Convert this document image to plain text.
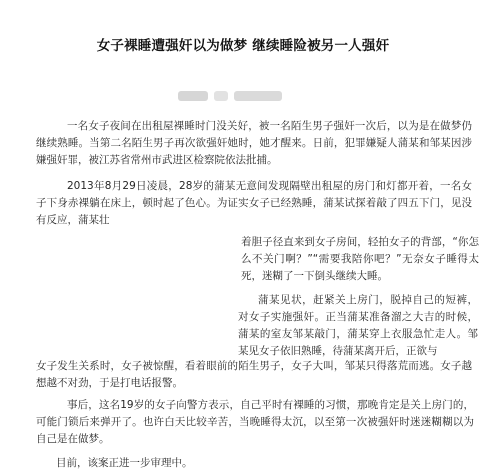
女子裸睡遭强奸以为做梦 继续睡险被另一人强奸

一名女子夜间在出租屋裸睡时门没关好，被一名陌生男子强奸一次后，以为是在做梦仍继续熟睡。当第二名陌生男子再次欲强奸她时，她才醒来。日前，犯罪嫌疑人蒲某和邹某因涉嫌强奸罪，被江苏省常州市武进区检察院依法批捕。

2013年8月29日凌晨，28岁的蒲某无意间发现隔壁出租屋的房门和灯都开着，一名女子下身赤裸躺在床上，顿时起了色心。为证实女子已经熟睡，蒲某试探着敲了四五下门，见没有反应，蒲某壮

着胆子径直来到女子房间，轻拍女子的背部，“你怎么不关门啊？”“需要我陪你吧？”无奈女子睡得太死，迷糊了一下倒头继续大睡。

蒲某见状，赶紧关上房门，脱掉自己的短裤，对女子实施强奸。正当蒲某准备溜之大吉的时候，蒲某的室友邹某敲门，蒲某穿上衣服急忙走人。邹某见女子依旧熟睡，待蒲某离开后，正欲与

女子发生关系时，女子被惊醒，看着眼前的陌生男子，女子大叫，邹某只得落荒而逃。女子越想越不对劲，于是打电话报警。

事后，这名19岁的女子向警方表示，自己平时有裸睡的习惯，那晚肯定是关上房门的，可能门锁后来弹开了。也许白天比较辛苦，当晚睡得太沉，以至第一次被强奸时迷迷糊糊以为自己是在做梦。

目前，该案正进一步审理中。
